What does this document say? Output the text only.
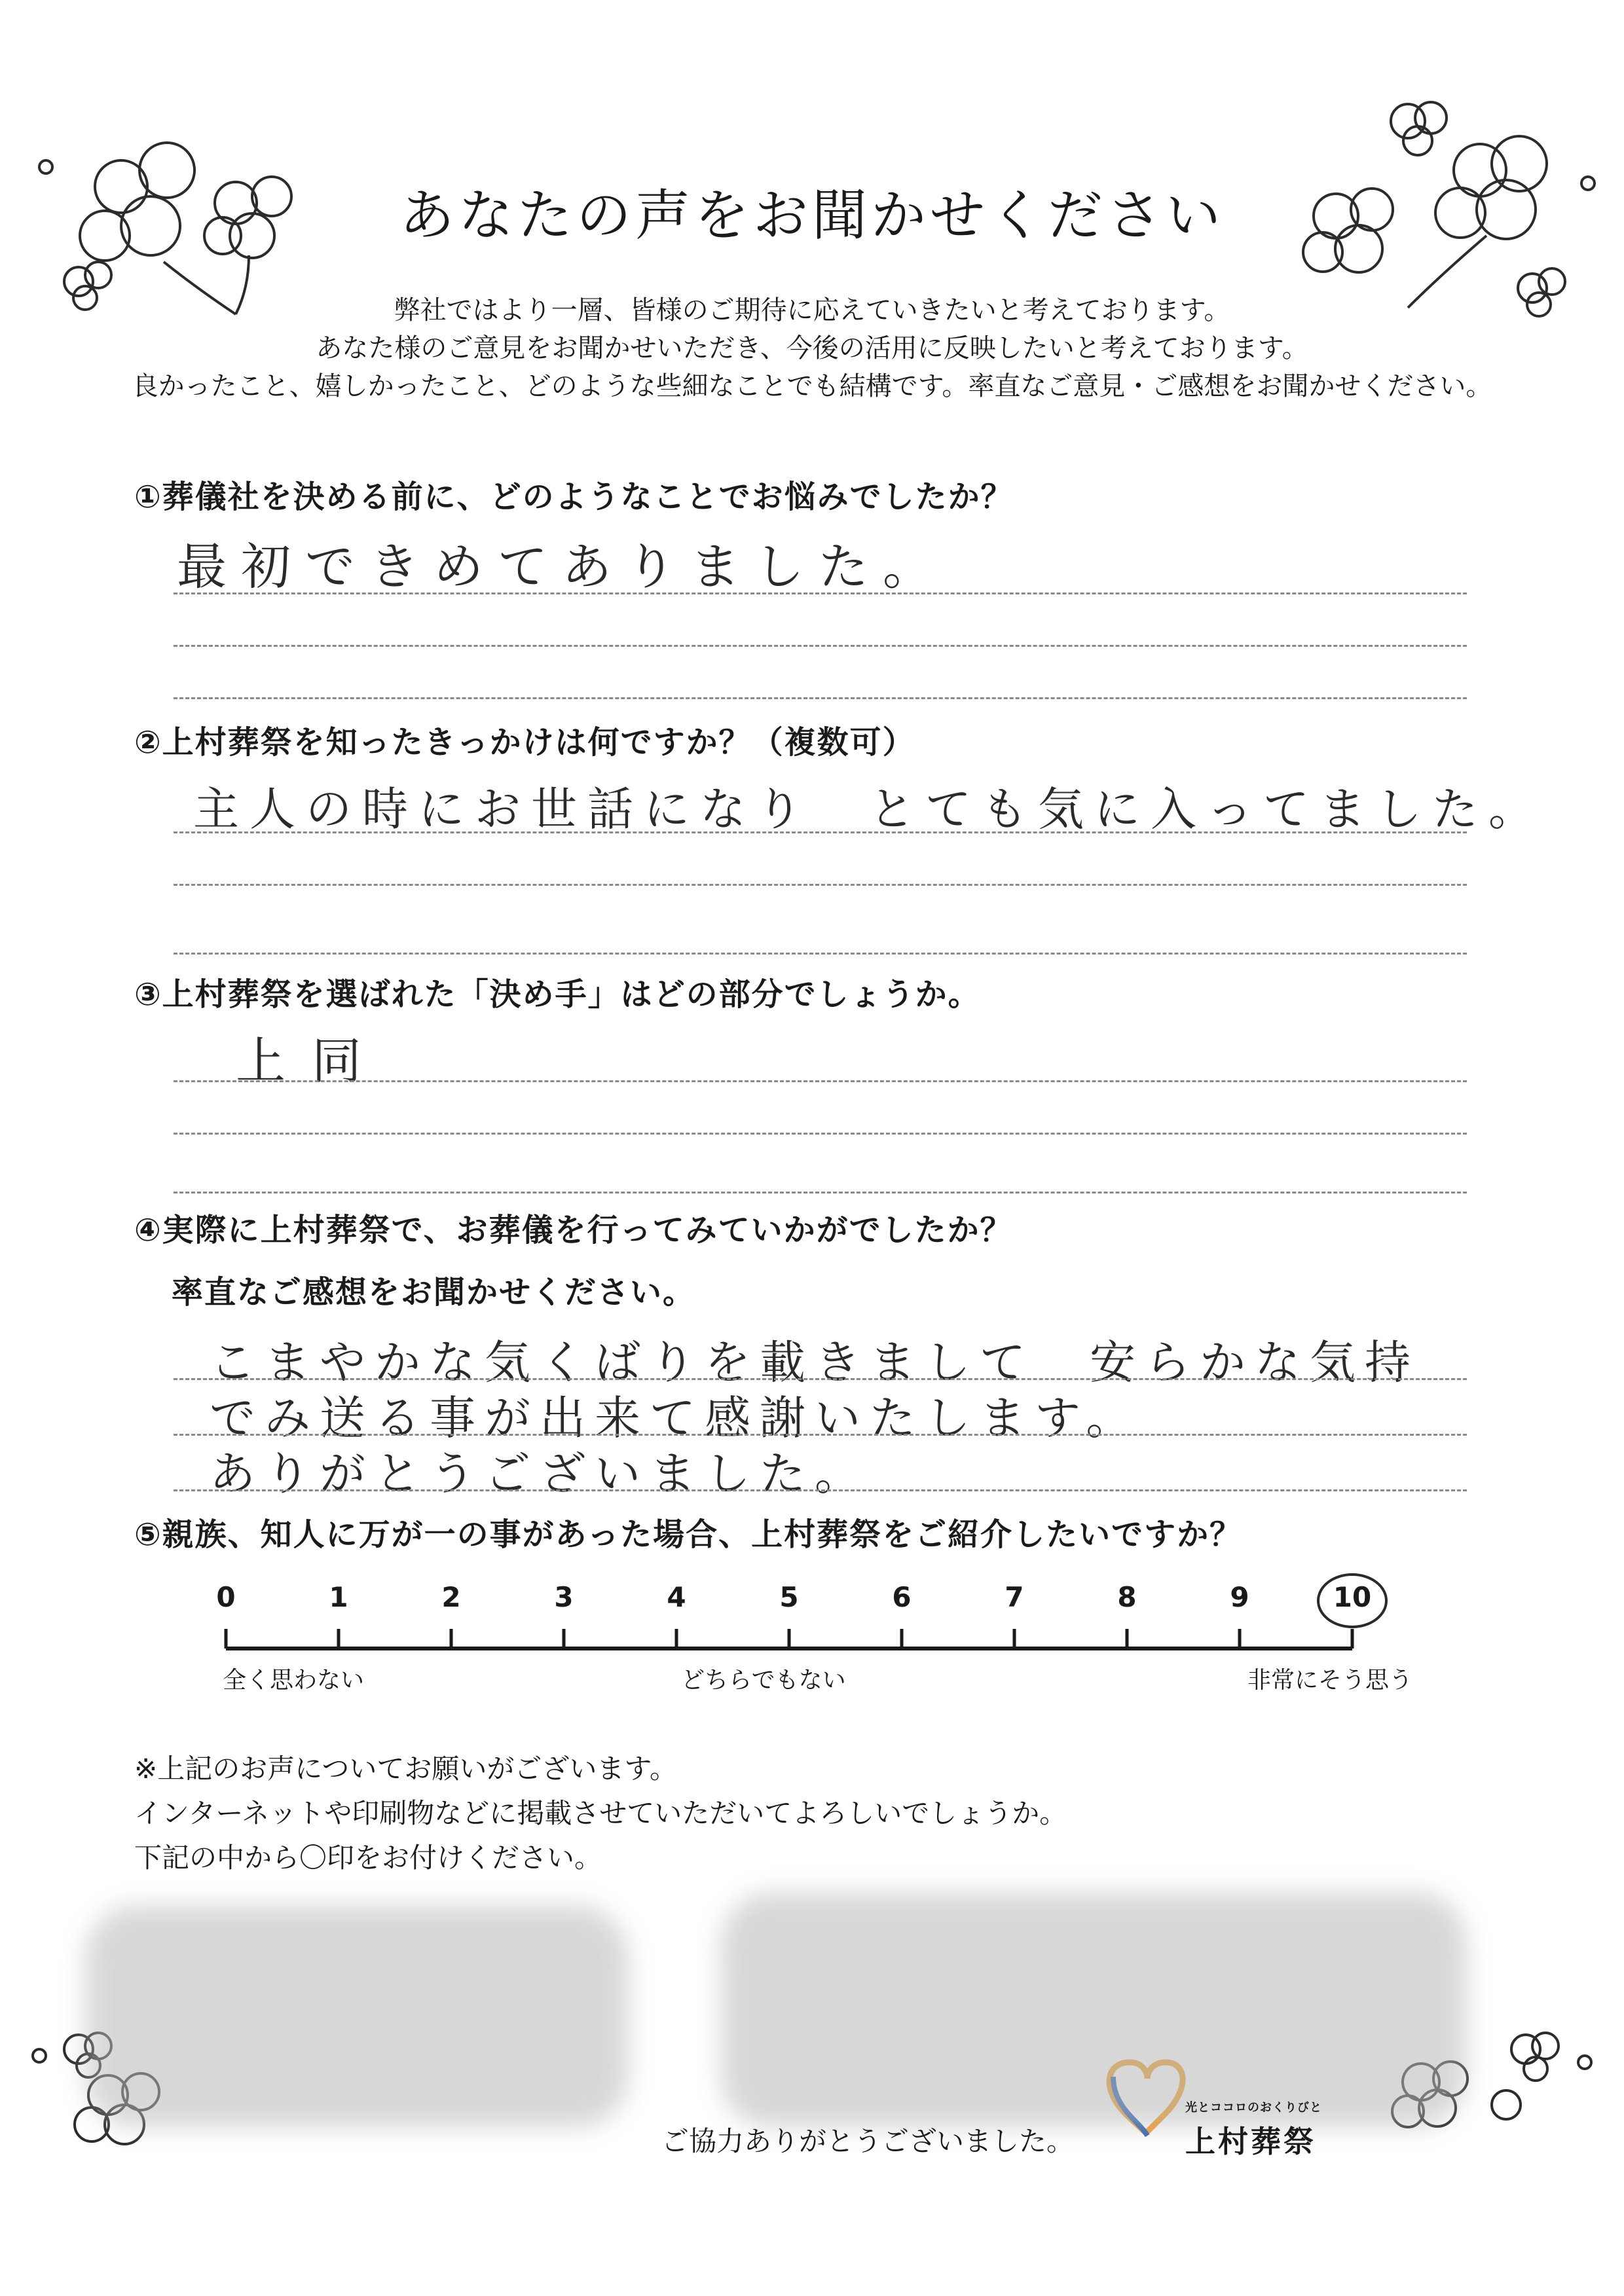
あなたの声をお聞かせください
弊社ではより一層、皆様のご期待に応えていきたいと考えております。
あなた様のご意見をお聞かせいただき、今後の活用に反映したいと考えております。
良かったこと、嬉しかったこと、どのような些細なことでも結構です。率直なご意見・ご感想をお聞かせください。
①葬儀社を決める前に、どのようなことでお悩みでしたか？
最初できめてありました。
②上村葬祭を知ったきっかけは何ですか？（複数可）
主人の時にお世話になり　とても気に入ってました。
③上村葬祭を選ばれた「決め手」はどの部分でしょうか。
上同
④実際に上村葬祭で、お葬儀を行ってみていかがでしたか？
率直なご感想をお聞かせください。
こまやかな気くばりを載きまして　安らかな気持
でみ送る事が出来て感謝いたします。
ありがとうございました。
⑤親族、知人に万が一の事があった場合、上村葬祭をご紹介したいですか？
0	1	2	3	4	5	6	7	8	9	10
全く思わない	どちらでもない	非常にそう思う
※上記のお声についてお願いがございます。
インターネットや印刷物などに掲載させていただいてよろしいでしょうか。
下記の中から〇印をお付けください。
ご協力ありがとうございました。
光とココロのおくりびと
上村葬祭
